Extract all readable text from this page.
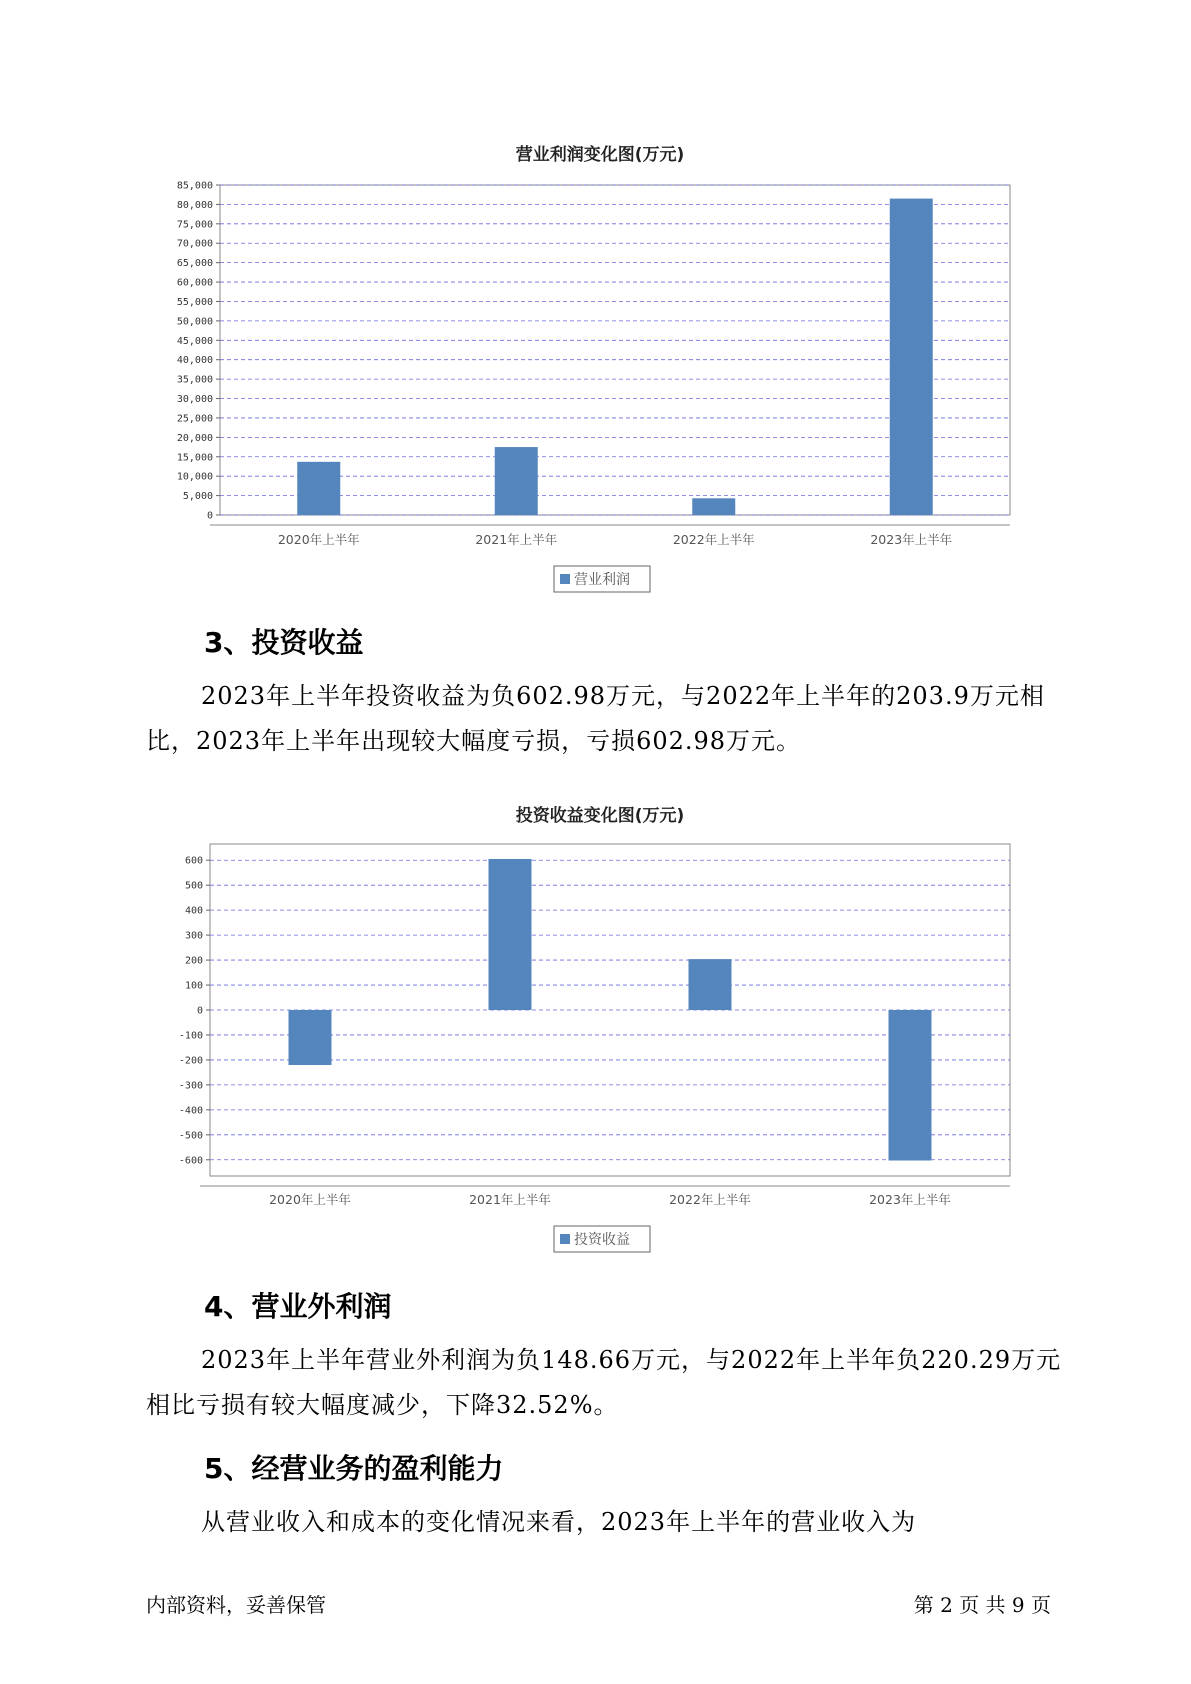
营业利润变化图(万元)
0
5,000
10,000
15,000
20,000
25,000
30,000
35,000
40,000
45,000
50,000
55,000
60,000
65,000
70,000
75,000
80,000
85,000
2020年上半年	2021年上半年	2022年上半年	2023年上半年
营业利润
3、投资收益

2023年上半年投资收益为负602.98万元，与2022年上半年的203.9万元相比，2023年上半年出现较大幅度亏损，亏损602.98万元。

投资收益变化图(万元)
600
500
400
300
200
100
0
-100
-200
-300
-400
-500
-600
2020年上半年	2021年上半年	2022年上半年	2023年上半年
投资收益
4、营业外利润

2023年上半年营业外利润为负148.66万元，与2022年上半年负220.29万元相比亏损有较大幅度减少，下降32.52%。

5、经营业务的盈利能力

从营业收入和成本的变化情况来看，2023年上半年的营业收入为

内部资料，妥善保管	第 2 页 共 9 页
